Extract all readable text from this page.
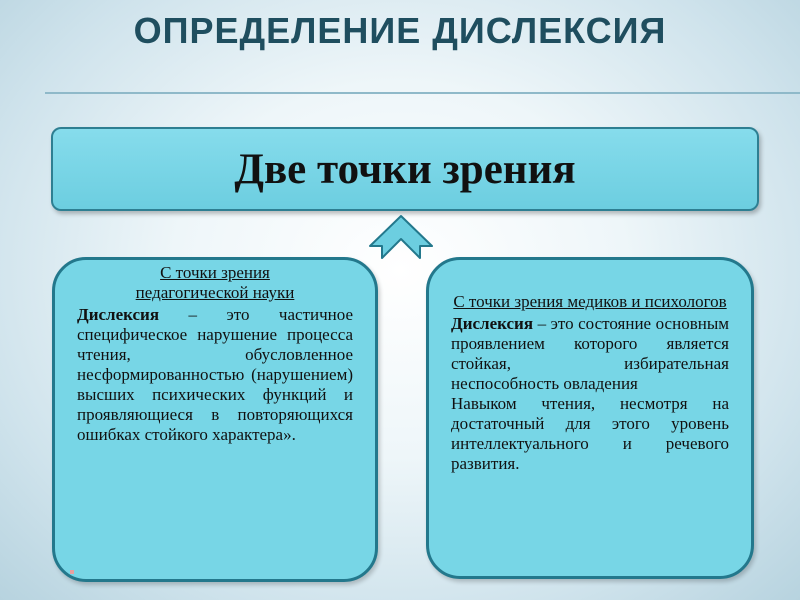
ОПРЕДЕЛЕНИЕ ДИСЛЕКСИЯ
Две точки зрения
С точки зрения
педагогической науки
Дислексия – это частичное специфическое нарушение процесса чтения, обусловленное несформированностью (нарушением) высших психических функций и проявляющиеся в повторяющихся ошибках стойкого характера».
С точки зрения медиков и психологов
Дислексия – это состояние основным проявлением которого является стойкая, избирательная неспособность овладения
Навыком чтения, несмотря на достаточный для этого уровень интеллектуального и речевого развития.
